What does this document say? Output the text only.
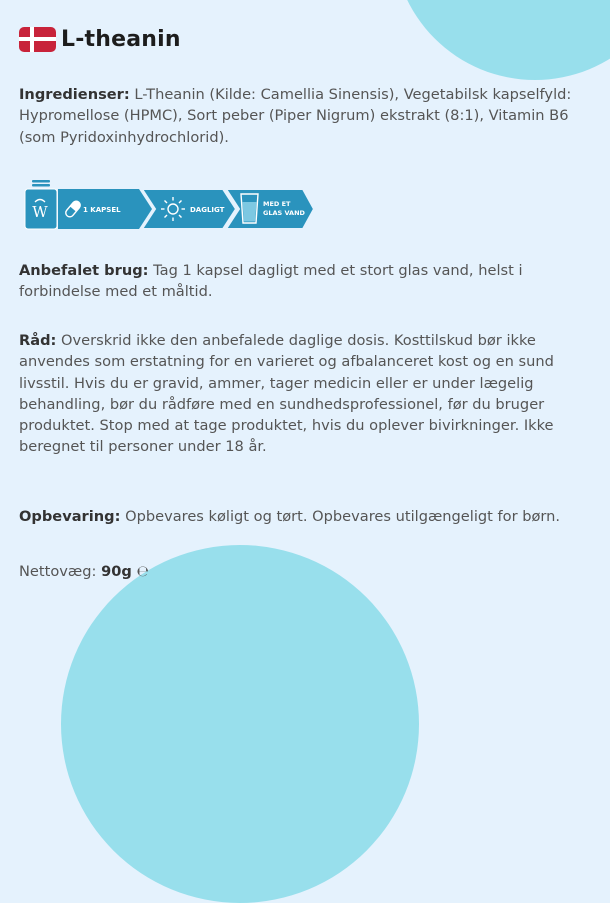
L-theanin
Ingredienser: L-Theanin (Kilde: Camellia Sinensis), Vegetabilsk kapselfyld: Hypromellose (HPMC), Sort peber (Piper Nigrum) ekstrakt (8:1), Vitamin B6 (som Pyridoxinhydrochlorid).
W	1 KAPSEL	DAGLIGT
MED ET
GLAS VAND
Anbefalet brug: Tag 1 kapsel dagligt med et stort glas vand, helst i forbindelse med et måltid.
Råd: Overskrid ikke den anbefalede daglige dosis. Kosttilskud bør ikke anvendes som erstatning for en varieret og afbalanceret kost og en sund livsstil. Hvis du er gravid, ammer, tager medicin eller er under lægelig behandling, bør du rådføre med en sundhedsprofessionel, før du bruger produktet. Stop med at tage produktet, hvis du oplever bivirkninger. Ikke beregnet til personer under 18 år.
Opbevaring: Opbevares køligt og tørt. Opbevares utilgængeligt for børn.
Nettovæg: 90g ℮
